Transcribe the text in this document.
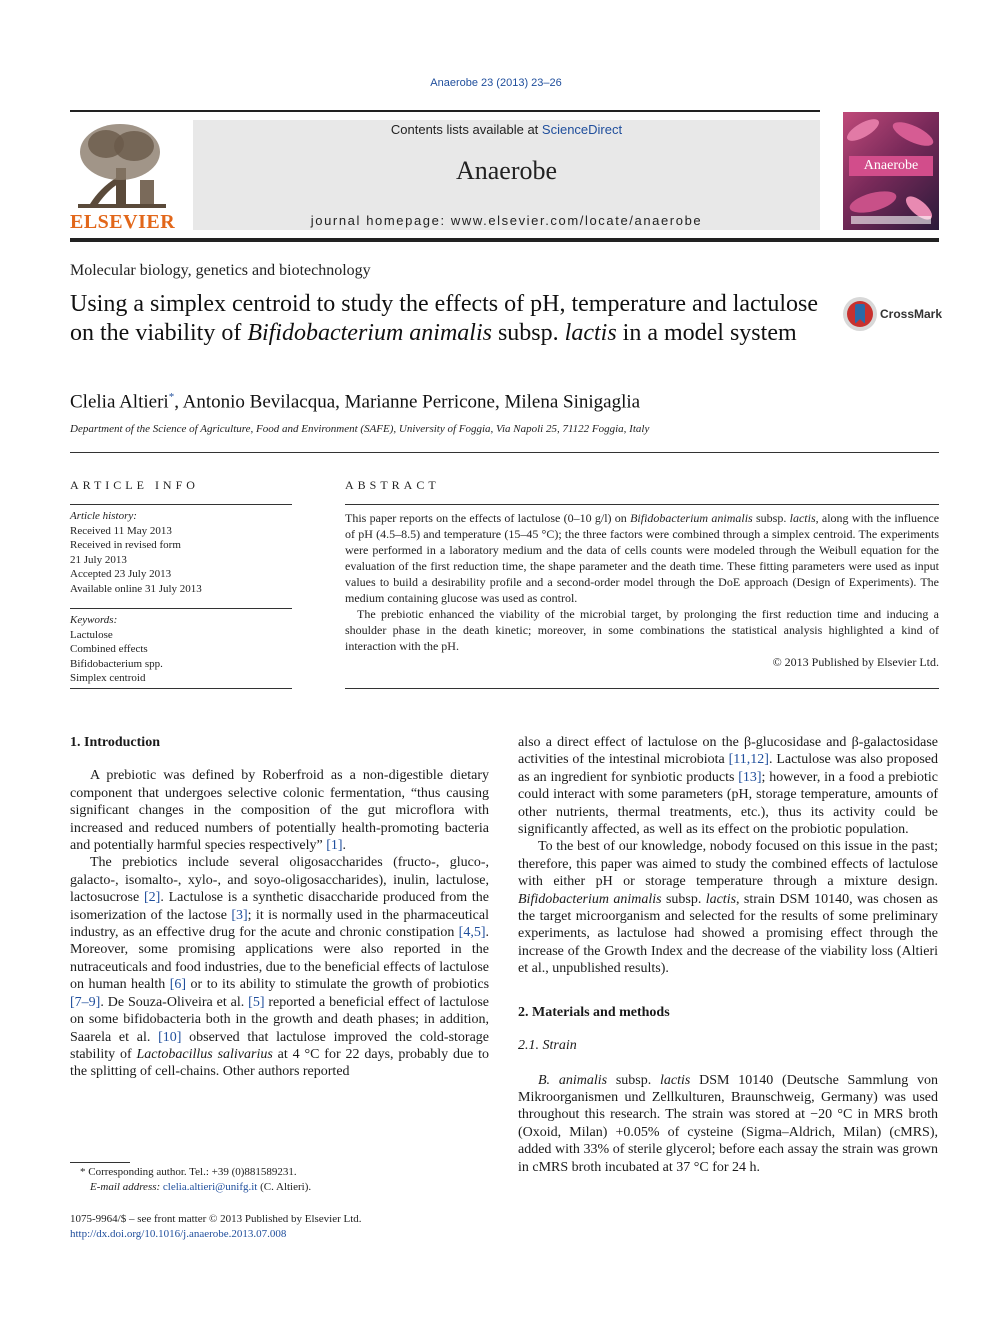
Anaerobe 23 (2013) 23–26
ELSEVIER
Contents lists available at ScienceDirect
Anaerobe
journal homepage: www.elsevier.com/locate/anaerobe
Anaerobe
Molecular biology, genetics and biotechnology
Using a simplex centroid to study the effects of pH, temperature and lactulose on the viability of Bifidobacterium animalis subsp. lactis in a model system
CrossMark
Clelia Altieri*, Antonio Bevilacqua, Marianne Perricone, Milena Sinigaglia
Department of the Science of Agriculture, Food and Environment (SAFE), University of Foggia, Via Napoli 25, 71122 Foggia, Italy
ARTICLE INFO
Article history:
Received 11 May 2013
Received in revised form
21 July 2013
Accepted 23 July 2013
Available online 31 July 2013
Keywords:
Lactulose
Combined effects
Bifidobacterium spp.
Simplex centroid
ABSTRACT

This paper reports on the effects of lactulose (0–10 g/l) on Bifidobacterium animalis subsp. lactis, along with the influence of pH (4.5–8.5) and temperature (15–45 °C); the three factors were combined through a simplex centroid. The experiments were performed in a laboratory medium and the data of cells counts were modeled through the Weibull equation for the evaluation of the first reduction time, the shape parameter and the death time. These fitting parameters were used as input values to build a desirability profile and a second-order model through the DoE approach (Design of Experiments). The medium containing glucose was used as control.

The prebiotic enhanced the viability of the microbial target, by prolonging the first reduction time and inducing a shoulder phase in the death kinetic; moreover, in some combinations the statistical analysis highlighted a kind of interaction with the pH.

© 2013 Published by Elsevier Ltd.
1. Introduction

A prebiotic was defined by Roberfroid as a non-digestible dietary component that undergoes selective colonic fermentation, “thus causing significant changes in the composition of the gut microflora with increased and reduced numbers of potentially health-promoting bacteria and potentially harmful species respectively” [1].

The prebiotics include several oligosaccharides (fructo-, gluco-, galacto-, isomalto-, xylo-, and soyo-oligosaccharides), inulin, lactulose, lactosucrose [2]. Lactulose is a synthetic disaccharide produced from the isomerization of the lactose [3]; it is normally used in the pharmaceutical industry, as an effective drug for the acute and chronic constipation [4,5]. Moreover, some promising applications were also reported in the nutraceuticals and food industries, due to the beneficial effects of lactulose on human health [6] or to its ability to stimulate the growth of probiotics [7–9]. De Souza-Oliveira et al. [5] reported a beneficial effect of lactulose on some bifidobacteria both in the growth and death phases; in addition, Saarela et al. [10] observed that lactulose improved the cold-storage stability of Lactobacillus salivarius at 4 °C for 22 days, probably due to the splitting of cell-chains. Other authors reported

also a direct effect of lactulose on the β-glucosidase and β-galactosidase activities of the intestinal microbiota [11,12]. Lactulose was also proposed as an ingredient for synbiotic products [13]; however, in a food a prebiotic could interact with some parameters (pH, storage temperature, amounts of other nutrients, thermal treatments, etc.), thus its activity could be significantly affected, as well as its effect on the probiotic population.

To the best of our knowledge, nobody focused on this issue in the past; therefore, this paper was aimed to study the combined effects of lactulose with either pH or storage temperature through a mixture design. Bifidobacterium animalis subsp. lactis, strain DSM 10140, was chosen as the target microorganism and selected for the results of some preliminary experiments, as lactulose had showed a promising effect through the increase of the Growth Index and the decrease of the viability loss (Altieri et al., unpublished results).

2. Materials and methods
2.1. Strain

B. animalis subsp. lactis DSM 10140 (Deutsche Sammlung von Mikroorganismen und Zellkulturen, Braunschweig, Germany) was used throughout this research. The strain was stored at −20 °C in MRS broth (Oxoid, Milan) +0.05% of cysteine (Sigma–Aldrich, Milan) (cMRS), added with 33% of sterile glycerol; before each assay the strain was grown in cMRS broth incubated at 37 °C for 24 h.

* Corresponding author. Tel.: +39 (0)881589231.
E-mail address: clelia.altieri@unifg.it (C. Altieri).
1075-9964/$ – see front matter © 2013 Published by Elsevier Ltd.
http://dx.doi.org/10.1016/j.anaerobe.2013.07.008
